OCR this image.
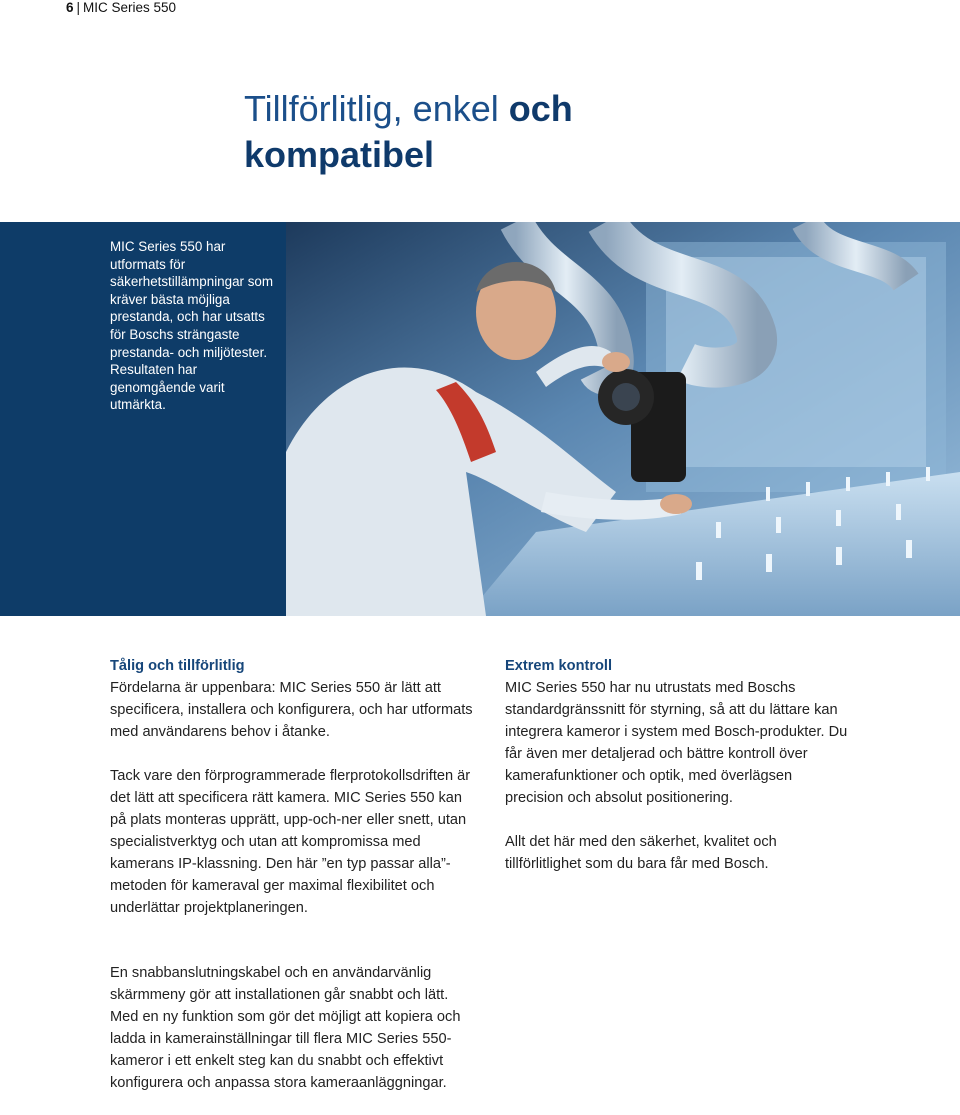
6 | MIC Series 550
Tillförlitlig, enkel och
kompatibel

MIC Series 550 har utformats för säkerhetstillämpningar som kräver bästa möjliga prestanda, och har utsatts för Boschs strängaste prestanda- och miljötester. Resultaten har genomgående varit utmärkta.

Tålig och tillförlitlig

Fördelarna är uppenbara: MIC Series 550 är lätt att specificera, installera och konfigurera, och har utformats med användarens behov i åtanke.

Tack vare den förprogrammerade flerprotokollsdriften är det lätt att specificera rätt kamera. MIC Series 550 kan på plats monteras upprätt, upp-och-ner eller snett, utan specialistverktyg och utan att kompromissa med kamerans IP-klassning. Den här ”en typ passar alla”-metoden för kameraval ger maximal flexibilitet och underlättar projektplaneringen.

Extrem kontroll

MIC Series 550 har nu utrustats med Boschs standardgränssnitt för styrning, så att du lättare kan integrera kameror i system med Bosch-produkter. Du får även mer detaljerad och bättre kontroll över kamerafunktioner och optik, med överlägsen precision och absolut positionering.

Allt det här med den säkerhet, kvalitet och tillförlitlighet som du bara får med Bosch.

En snabbanslutningskabel och en användarvänlig skärmmeny gör att installationen går snabbt och lätt. Med en ny funktion som gör det möjligt att kopiera och ladda in kamerainställningar till flera MIC Series 550-kameror i ett enkelt steg kan du snabbt och effektivt konfigurera och anpassa stora kameraanläggningar.
